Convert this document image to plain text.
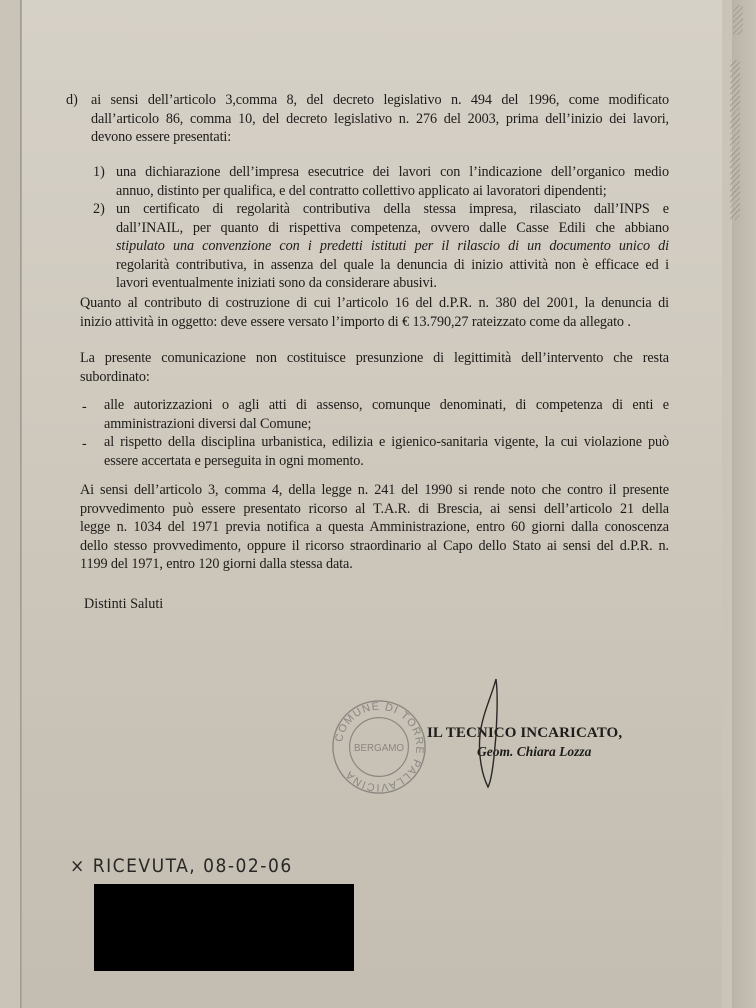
d) ai sensi dell’articolo 3,comma 8, del decreto legislativo n. 494 del 1996, come modificato
dall’articolo 86, comma 10, del decreto legislativo n. 276 del 2003, prima dell’inizio dei lavori,
devono essere presentati:
1) una dichiarazione dell’impresa esecutrice dei lavori con l’indicazione dell’organico medio
annuo, distinto per qualifica, e del contratto collettivo applicato ai lavoratori dipendenti;
2) un certificato di regolarità contributiva della stessa impresa, rilasciato dall’INPS e
dall’INAIL, per quanto di rispettiva competenza, ovvero dalle Casse Edili che abbiano
stipulato una convenzione con i predetti istituti per il rilascio di un documento unico di
regolarità contributiva, in assenza del quale la denuncia di inizio attività non è efficace ed i
lavori eventualmente iniziati sono da considerare abusivi.
Quanto al contributo di costruzione di cui l’articolo 16 del d.P.R. n. 380 del 2001, la denuncia di
inizio attività in oggetto: deve essere versato l’importo di € 13.790,27 rateizzato come da allegato .
La presente comunicazione non costituisce presunzione di legittimità dell’intervento che resta
subordinato:
- alle autorizzazioni o agli atti di assenso, comunque denominati, di competenza di enti e
amministrazioni diversi dal Comune;
- al rispetto della disciplina urbanistica, edilizia e igienico-sanitaria vigente, la cui violazione può
essere accertata e perseguita in ogni momento.
Ai sensi dell’articolo 3, comma 4, della legge n. 241 del 1990 si rende noto che contro il presente
provvedimento può essere presentato ricorso al T.A.R. di Brescia, ai sensi dell’articolo 21 della
legge n. 1034 del 1971 previa notifica a questa Amministrazione, entro 60 giorni dalla conoscenza
dello stesso provvedimento, oppure il ricorso straordinario al Capo dello Stato ai sensi del d.P.R. n.
1199 del 1971, entro 120 giorni dalla stessa data.
Distinti Saluti
COMUNE DI TORRE PALLAVICINA
BERGAMO
IL TECNICO INCARICATO,
Geom. Chiara Lozza
× RICEVUTA, 08-02-06
